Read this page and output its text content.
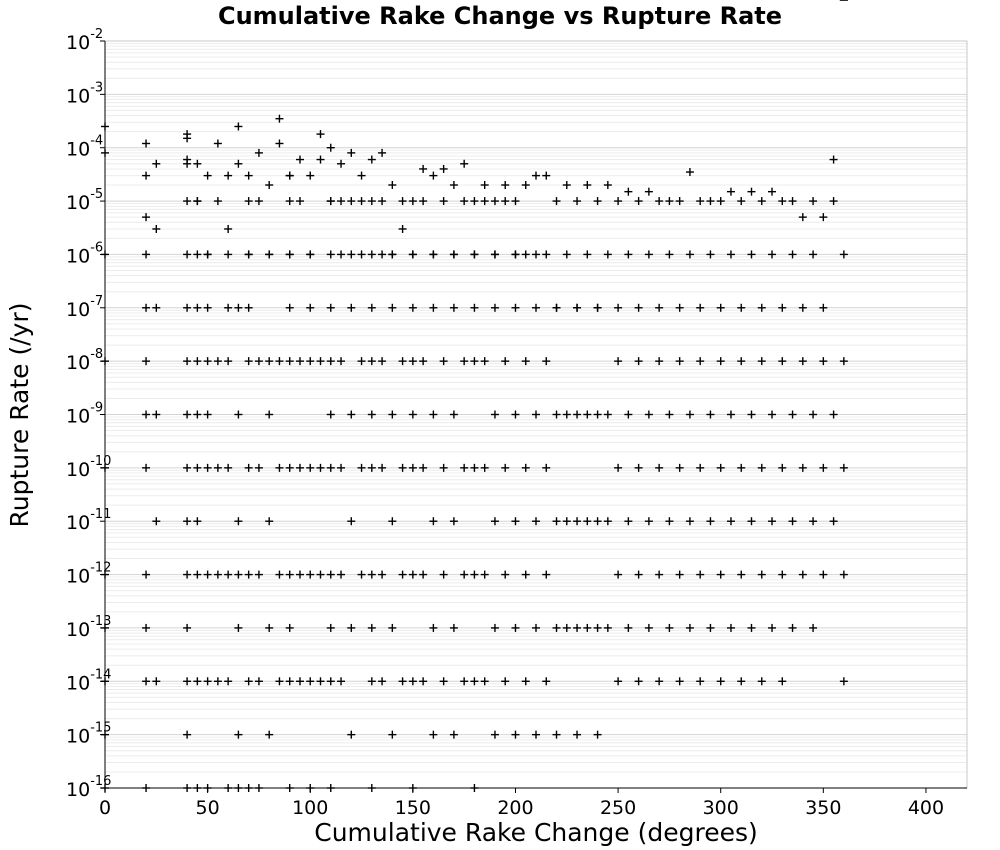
Cumulative Rake Change vs Rupture Rate
0	50	100	150	200	250	300	350	400
$10^{-2}$
$10^{-3}$
$10^{-4}$
$10^{-5}$
$10^{-6}$
$10^{-7}$
$10^{-8}$
$10^{-9}$
$10^{-10}$
$10^{-11}$
$10^{-12}$
$10^{-13}$
$10^{-14}$
$10^{-15}$
$10^{-16}$
Cumulative Rake Change (degrees)
Rupture Rate (/yr)
